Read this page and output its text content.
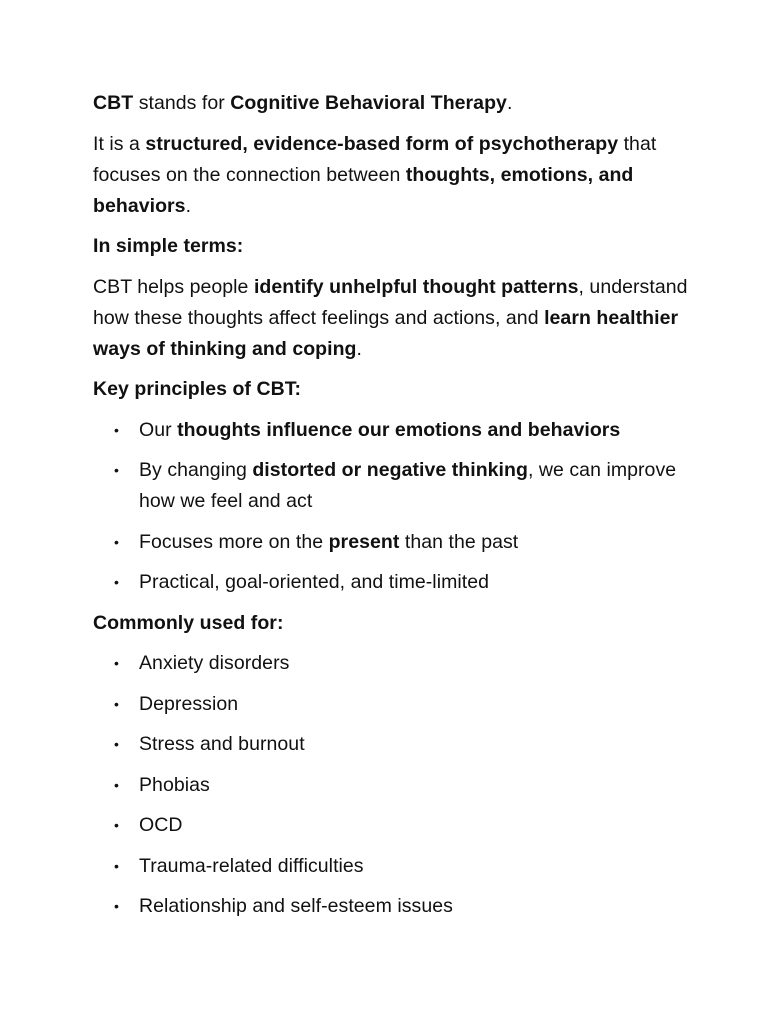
CBT stands for Cognitive Behavioral Therapy.

It is a structured, evidence-based form of psychotherapy that focuses on the connection between thoughts, emotions, and behaviors.

In simple terms:

CBT helps people identify unhelpful thought patterns, understand how these thoughts affect feelings and actions, and learn healthier ways of thinking and coping.

Key principles of CBT:

• Our thoughts influence our emotions and behaviors
• By changing distorted or negative thinking, we can improve how we feel and act
• Focuses more on the present than the past
• Practical, goal-oriented, and time-limited

Commonly used for:

• Anxiety disorders
• Depression
• Stress and burnout
• Phobias
• OCD
• Trauma-related difficulties
• Relationship and self-esteem issues
